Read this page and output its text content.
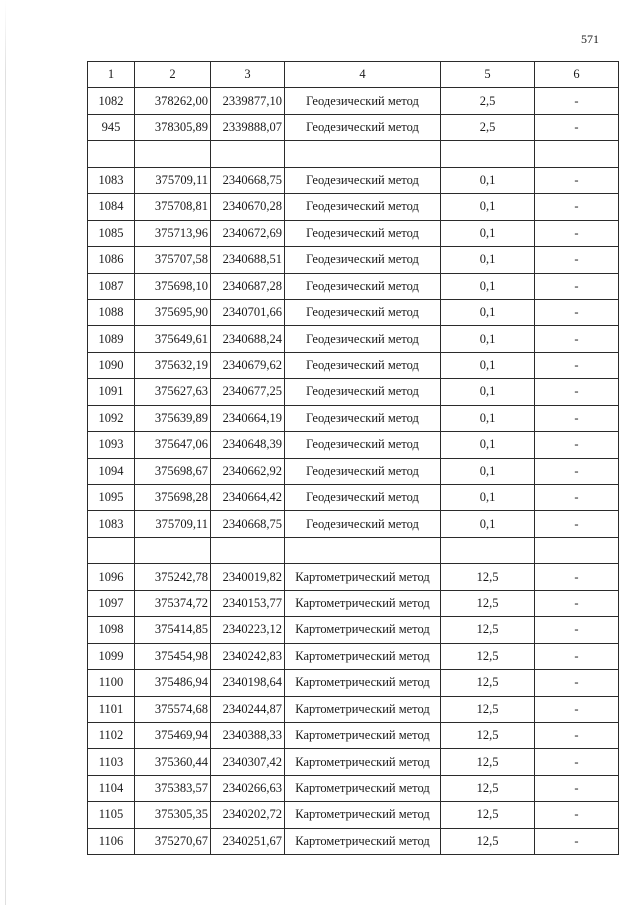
571
1	2	3	4	5	6
1082	378262,00	2339877,10	Геодезический метод	2,5	-
945	378305,89	2339888,07	Геодезический метод	2,5	-

1083	375709,11	2340668,75	Геодезический метод	0,1	-
1084	375708,81	2340670,28	Геодезический метод	0,1	-
1085	375713,96	2340672,69	Геодезический метод	0,1	-
1086	375707,58	2340688,51	Геодезический метод	0,1	-
1087	375698,10	2340687,28	Геодезический метод	0,1	-
1088	375695,90	2340701,66	Геодезический метод	0,1	-
1089	375649,61	2340688,24	Геодезический метод	0,1	-
1090	375632,19	2340679,62	Геодезический метод	0,1	-
1091	375627,63	2340677,25	Геодезический метод	0,1	-
1092	375639,89	2340664,19	Геодезический метод	0,1	-
1093	375647,06	2340648,39	Геодезический метод	0,1	-
1094	375698,67	2340662,92	Геодезический метод	0,1	-
1095	375698,28	2340664,42	Геодезический метод	0,1	-
1083	375709,11	2340668,75	Геодезический метод	0,1	-

1096	375242,78	2340019,82	Картометрический метод	12,5	-
1097	375374,72	2340153,77	Картометрический метод	12,5	-
1098	375414,85	2340223,12	Картометрический метод	12,5	-
1099	375454,98	2340242,83	Картометрический метод	12,5	-
1100	375486,94	2340198,64	Картометрический метод	12,5	-
1101	375574,68	2340244,87	Картометрический метод	12,5	-
1102	375469,94	2340388,33	Картометрический метод	12,5	-
1103	375360,44	2340307,42	Картометрический метод	12,5	-
1104	375383,57	2340266,63	Картометрический метод	12,5	-
1105	375305,35	2340202,72	Картометрический метод	12,5	-
1106	375270,67	2340251,67	Картометрический метод	12,5	-
